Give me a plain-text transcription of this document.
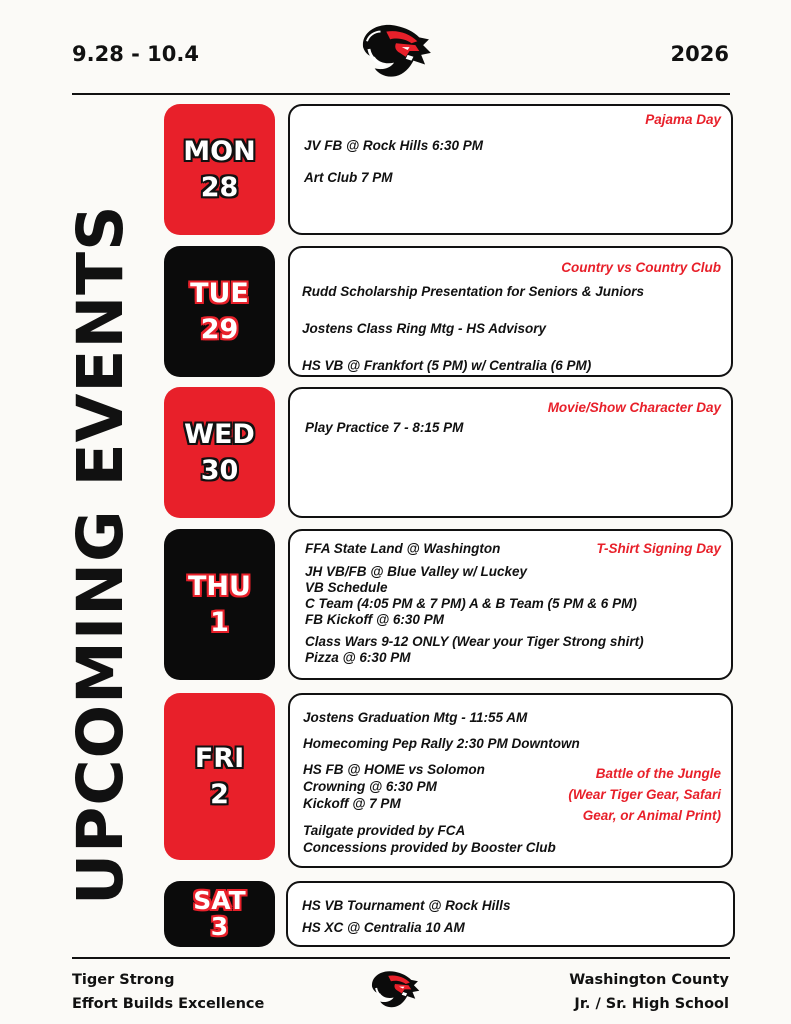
9.28 - 10.4	2026
UPCOMING EVENTS
MON
28
Pajama Day
JV FB @ Rock Hills 6:30 PM
Art Club 7 PM
TUE
29
Country vs Country Club
Rudd Scholarship Presentation for Seniors & Juniors
Jostens Class Ring Mtg - HS Advisory
HS VB @ Frankfort (5 PM) w/ Centralia (6 PM)
WED
30
Movie/Show Character Day
Play Practice 7 - 8:15 PM
THU
1
T-Shirt Signing Day
FFA State Land @ Washington
JH VB/FB @ Blue Valley w/ Luckey
VB Schedule
C Team (4:05 PM & 7 PM) A & B Team (5 PM & 6 PM)
FB Kickoff @ 6:30 PM
Class Wars 9-12 ONLY (Wear your Tiger Strong shirt)
Pizza @ 6:30 PM
FRI
2
Jostens Graduation Mtg - 11:55 AM
Homecoming Pep Rally 2:30 PM Downtown
HS FB @ HOME vs Solomon
Crowning @ 6:30 PM
Kickoff @ 7 PM
Tailgate provided by FCA
Concessions provided by Booster Club
Battle of the Jungle
(Wear Tiger Gear, Safari
Gear, or Animal Print)
SAT
3
HS VB Tournament @ Rock Hills
HS XC @ Centralia 10 AM
Tiger Strong
Effort Builds Excellence
Washington County
Jr. / Sr. High School
